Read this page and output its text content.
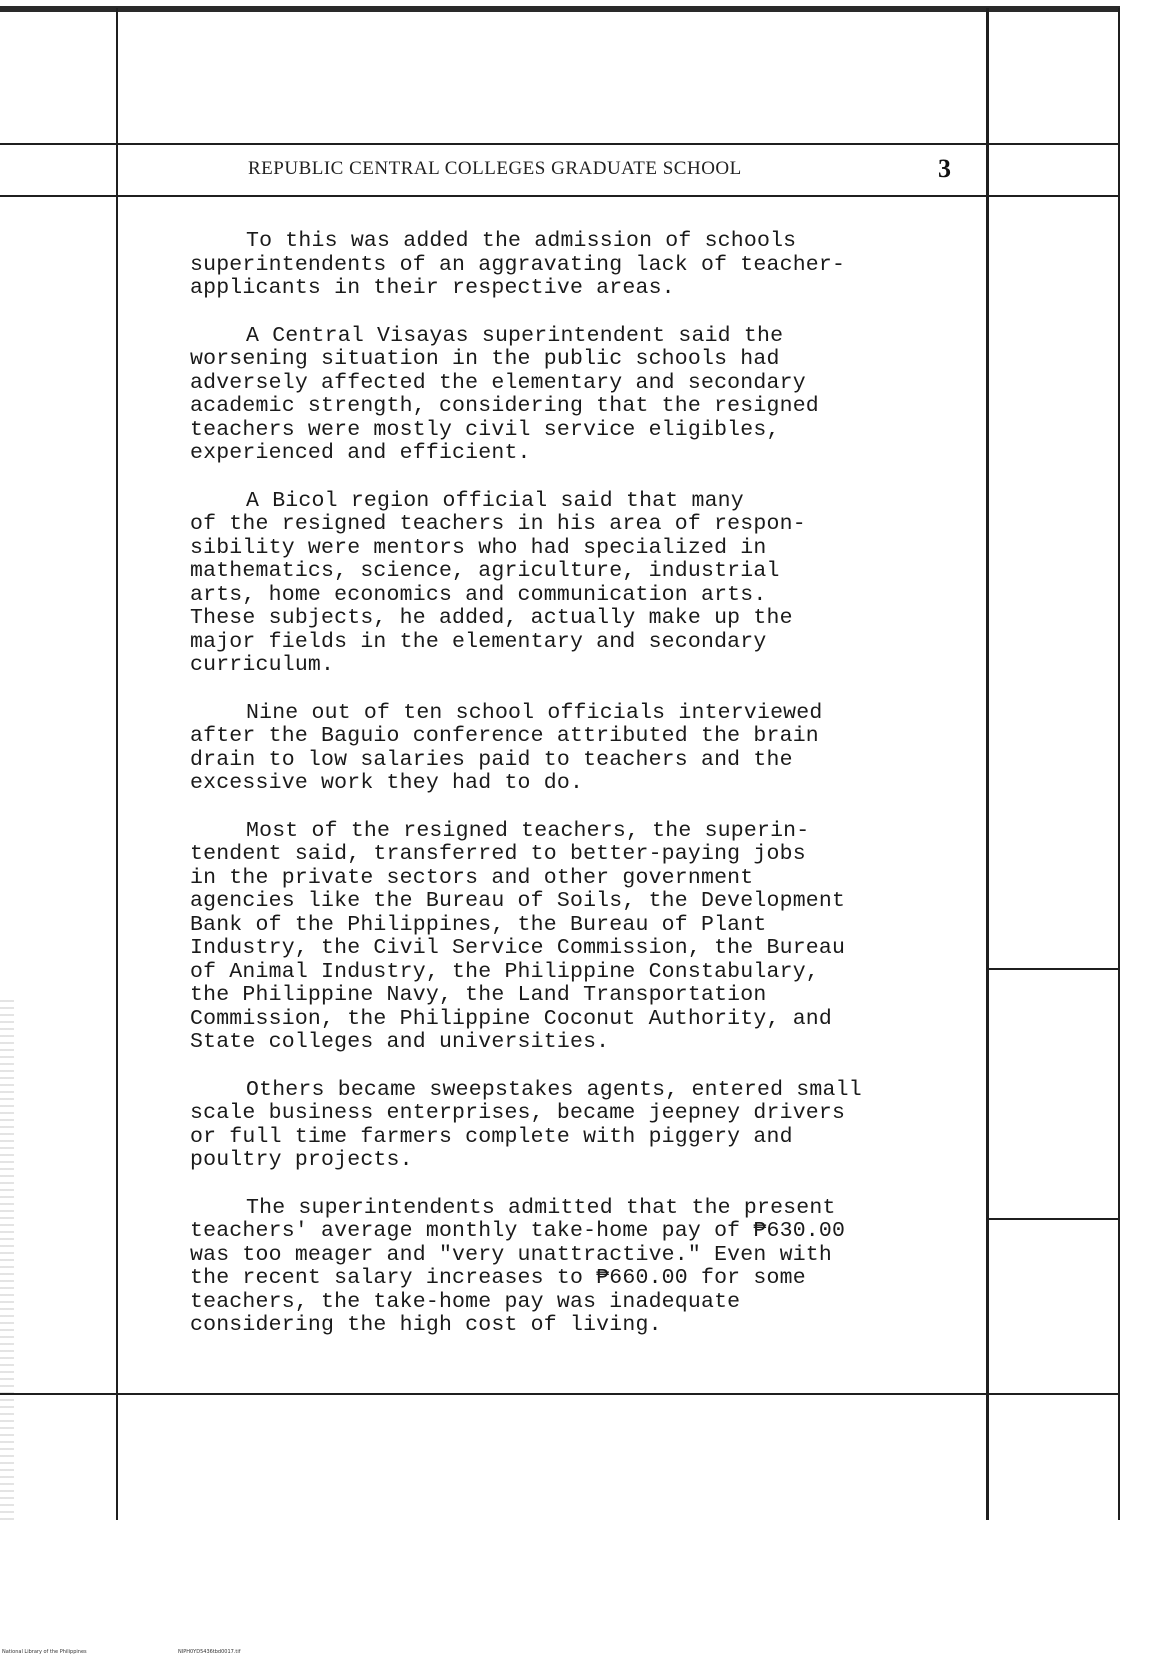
REPUBLIC CENTRAL COLLEGES GRADUATE SCHOOL	3

To this was added the admission of schools
superintendents of an aggravating lack of teacher-
applicants in their respective areas.

A Central Visayas superintendent said the
worsening situation in the public schools had
adversely affected the elementary and secondary
academic strength, considering that the resigned
teachers were mostly civil service eligibles,
experienced and efficient.

A Bicol region official said that many
of the resigned teachers in his area of respon-
sibility were mentors who had specialized in
mathematics, science, agriculture, industrial
arts, home economics and communication arts.
These subjects, he added, actually make up the
major fields in the elementary and secondary
curriculum.

Nine out of ten school officials interviewed
after the Baguio conference attributed the brain
drain to low salaries paid to teachers and the
excessive work they had to do.

Most of the resigned teachers, the superin-
tendent said, transferred to better-paying jobs
in the private sectors and other government
agencies like the Bureau of Soils, the Development
Bank of the Philippines, the Bureau of Plant
Industry, the Civil Service Commission, the Bureau
of Animal Industry, the Philippine Constabulary,
the Philippine Navy, the Land Transportation
Commission, the Philippine Coconut Authority, and
State colleges and universities.

Others became sweepstakes agents, entered small
scale business enterprises, became jeepney drivers
or full time farmers complete with piggery and
poultry projects.

The superintendents admitted that the present
teachers' average monthly take-home pay of ₱630.00
was too meager and "very unattractive." Even with
the recent salary increases to ₱660.00 for some
teachers, the take-home pay was inadequate
considering the high cost of living.

National Library of the Philippines	NIPH0YD5436tbd0017.tif
